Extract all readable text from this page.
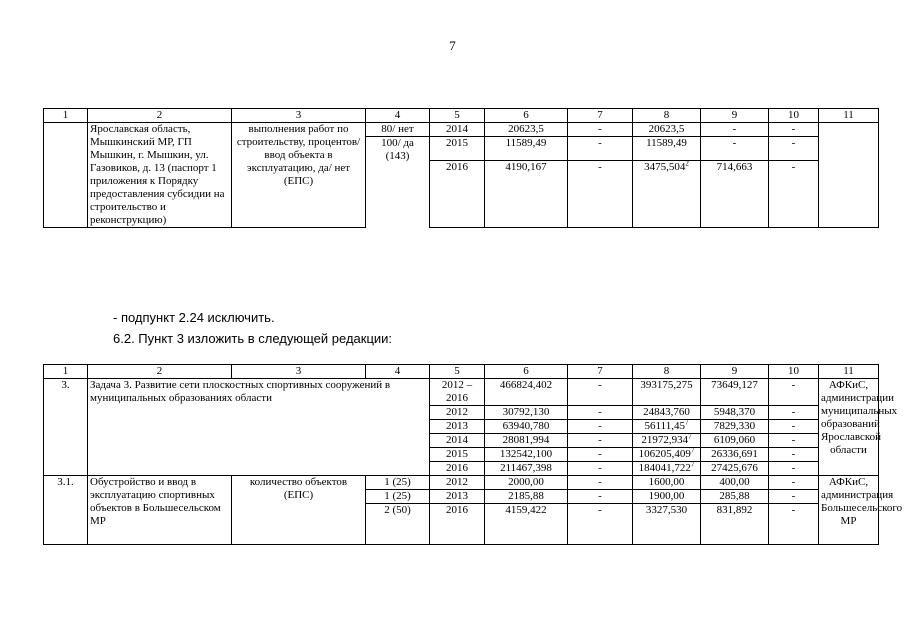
7
1	2	3	4	5	6	7	8	9	10	11
	Ярославская область, Мышкинский МР, ГП Мышкин, г. Мышкин, ул. Газовиков, д. 13 (паспорт 1 приложения к Порядку предоставления субсидии на строительство и реконструкцию)	выполнения работ по строительству, процентов/ ввод объекта в эксплуатацию, да/ нет (ЕПС)	80/ нет	2014	20623,5	-	20623,5	-	-	
			100/ да (143)	2015	11589,49	-	11589,49	-	-	
				2016	4190,167	-	3475,504$^2$	714,663	-	
- подпункт 2.24 исключить.
6.2. Пункт 3 изложить в следующей редакции:
1	2	3	4	5	6	7	8	9	10	11
3.	Задача 3. Развитие сети плоскостных спортивных сооружений в муниципальных образованиях области			2012 – 2016	466824,402	-	393175,275	73649,127	-	АФКиС, администрации муниципальных образований Ярославской области
				2012	30792,130	-	24843,760	5948,370	-	
				2013	63940,780	-	56111,45$^7$	7829,330	-	
				2014	28081,994	-	21972,934$^7$	6109,060	-	
				2015	132542,100	-	106205,409$^7$	26336,691	-	
				2016	211467,398	-	184041,722$^7$	27425,676	-	
3.1.	Обустройство и ввод в эксплуатацию спортивных объектов в Большесельском МР	количество объектов (ЕПС)	1 (25)	2012	2000,00	-	1600,00	400,00	-	АФКиС, администрация Большесельского МР
			1 (25)	2013	2185,88	-	1900,00	285,88	-	
			2 (50)	2016	4159,422	-	3327,530	831,892	-	
